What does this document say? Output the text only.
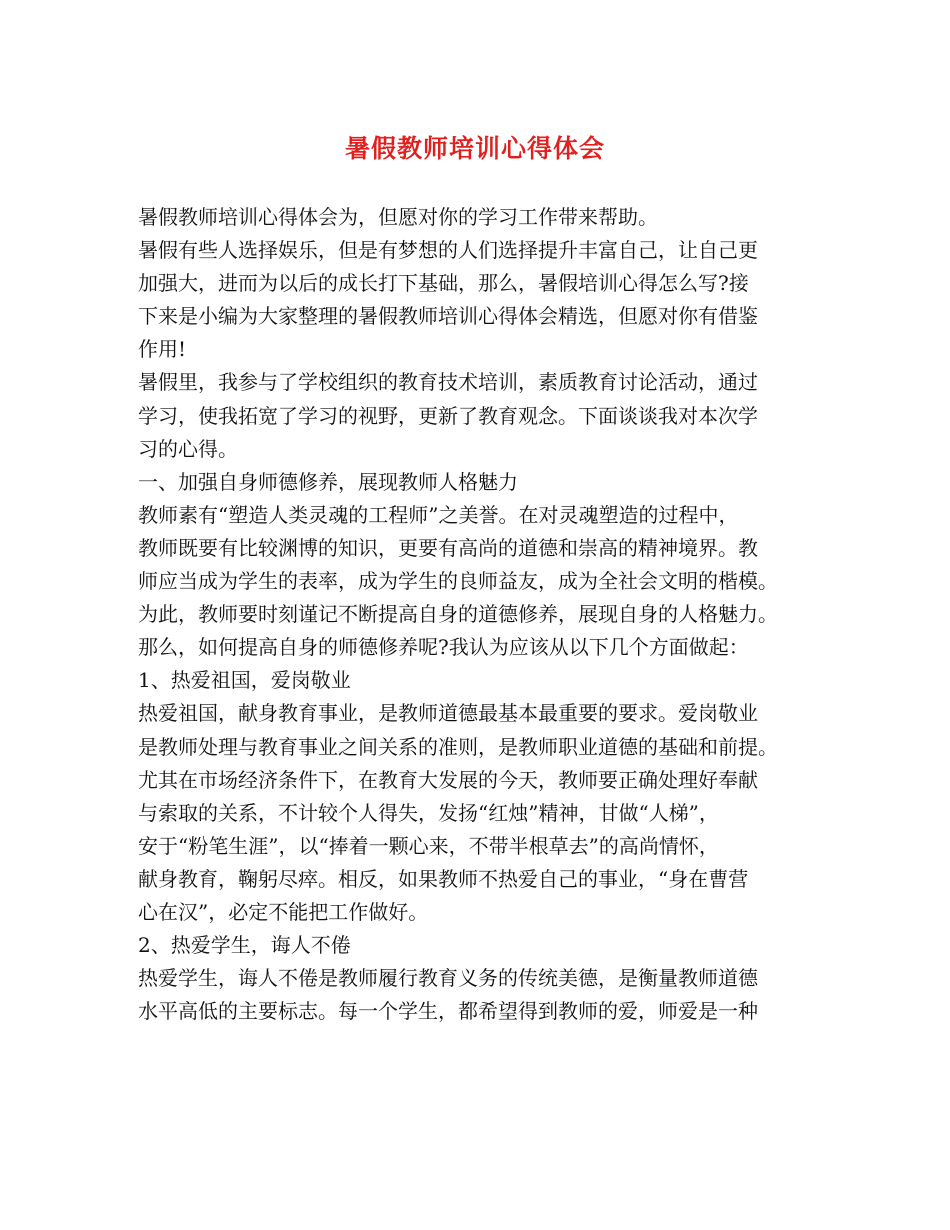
暑假教师培训心得体会
暑假教师培训心得体会为，但愿对你的学习工作带来帮助。
暑假有些人选择娱乐，但是有梦想的人们选择提升丰富自己，让自己更
加强大，进而为以后的成长打下基础，那么，暑假培训心得怎么写?接
下来是小编为大家整理的暑假教师培训心得体会精选，但愿对你有借鉴
作用!
暑假里，我参与了学校组织的教育技术培训，素质教育讨论活动，通过
学习，使我拓宽了学习的视野，更新了教育观念。下面谈谈我对本次学
习的心得。
一、加强自身师德修养，展现教师人格魅力
教师素有“塑造人类灵魂的工程师”之美誉。在对灵魂塑造的过程中，
教师既要有比较渊博的知识，更要有高尚的道德和崇高的精神境界。教
师应当成为学生的表率，成为学生的良师益友，成为全社会文明的楷模。
为此，教师要时刻谨记不断提高自身的道德修养，展现自身的人格魅力。
那么，如何提高自身的师德修养呢?我认为应该从以下几个方面做起：
1、热爱祖国，爱岗敬业
热爱祖国，献身教育事业，是教师道德最基本最重要的要求。爱岗敬业
是教师处理与教育事业之间关系的准则，是教师职业道德的基础和前提。
尤其在市场经济条件下，在教育大发展的今天，教师要正确处理好奉献
与索取的关系，不计较个人得失，发扬“红烛”精神，甘做“人梯”，
安于“粉笔生涯”，以“捧着一颗心来，不带半根草去”的高尚情怀，
献身教育，鞠躬尽瘁。相反，如果教师不热爱自己的事业，“身在曹营
心在汉”，必定不能把工作做好。
2、热爱学生，诲人不倦
热爱学生，诲人不倦是教师履行教育义务的传统美德，是衡量教师道德
水平高低的主要标志。每一个学生，都希望得到教师的爱，师爱是一种
